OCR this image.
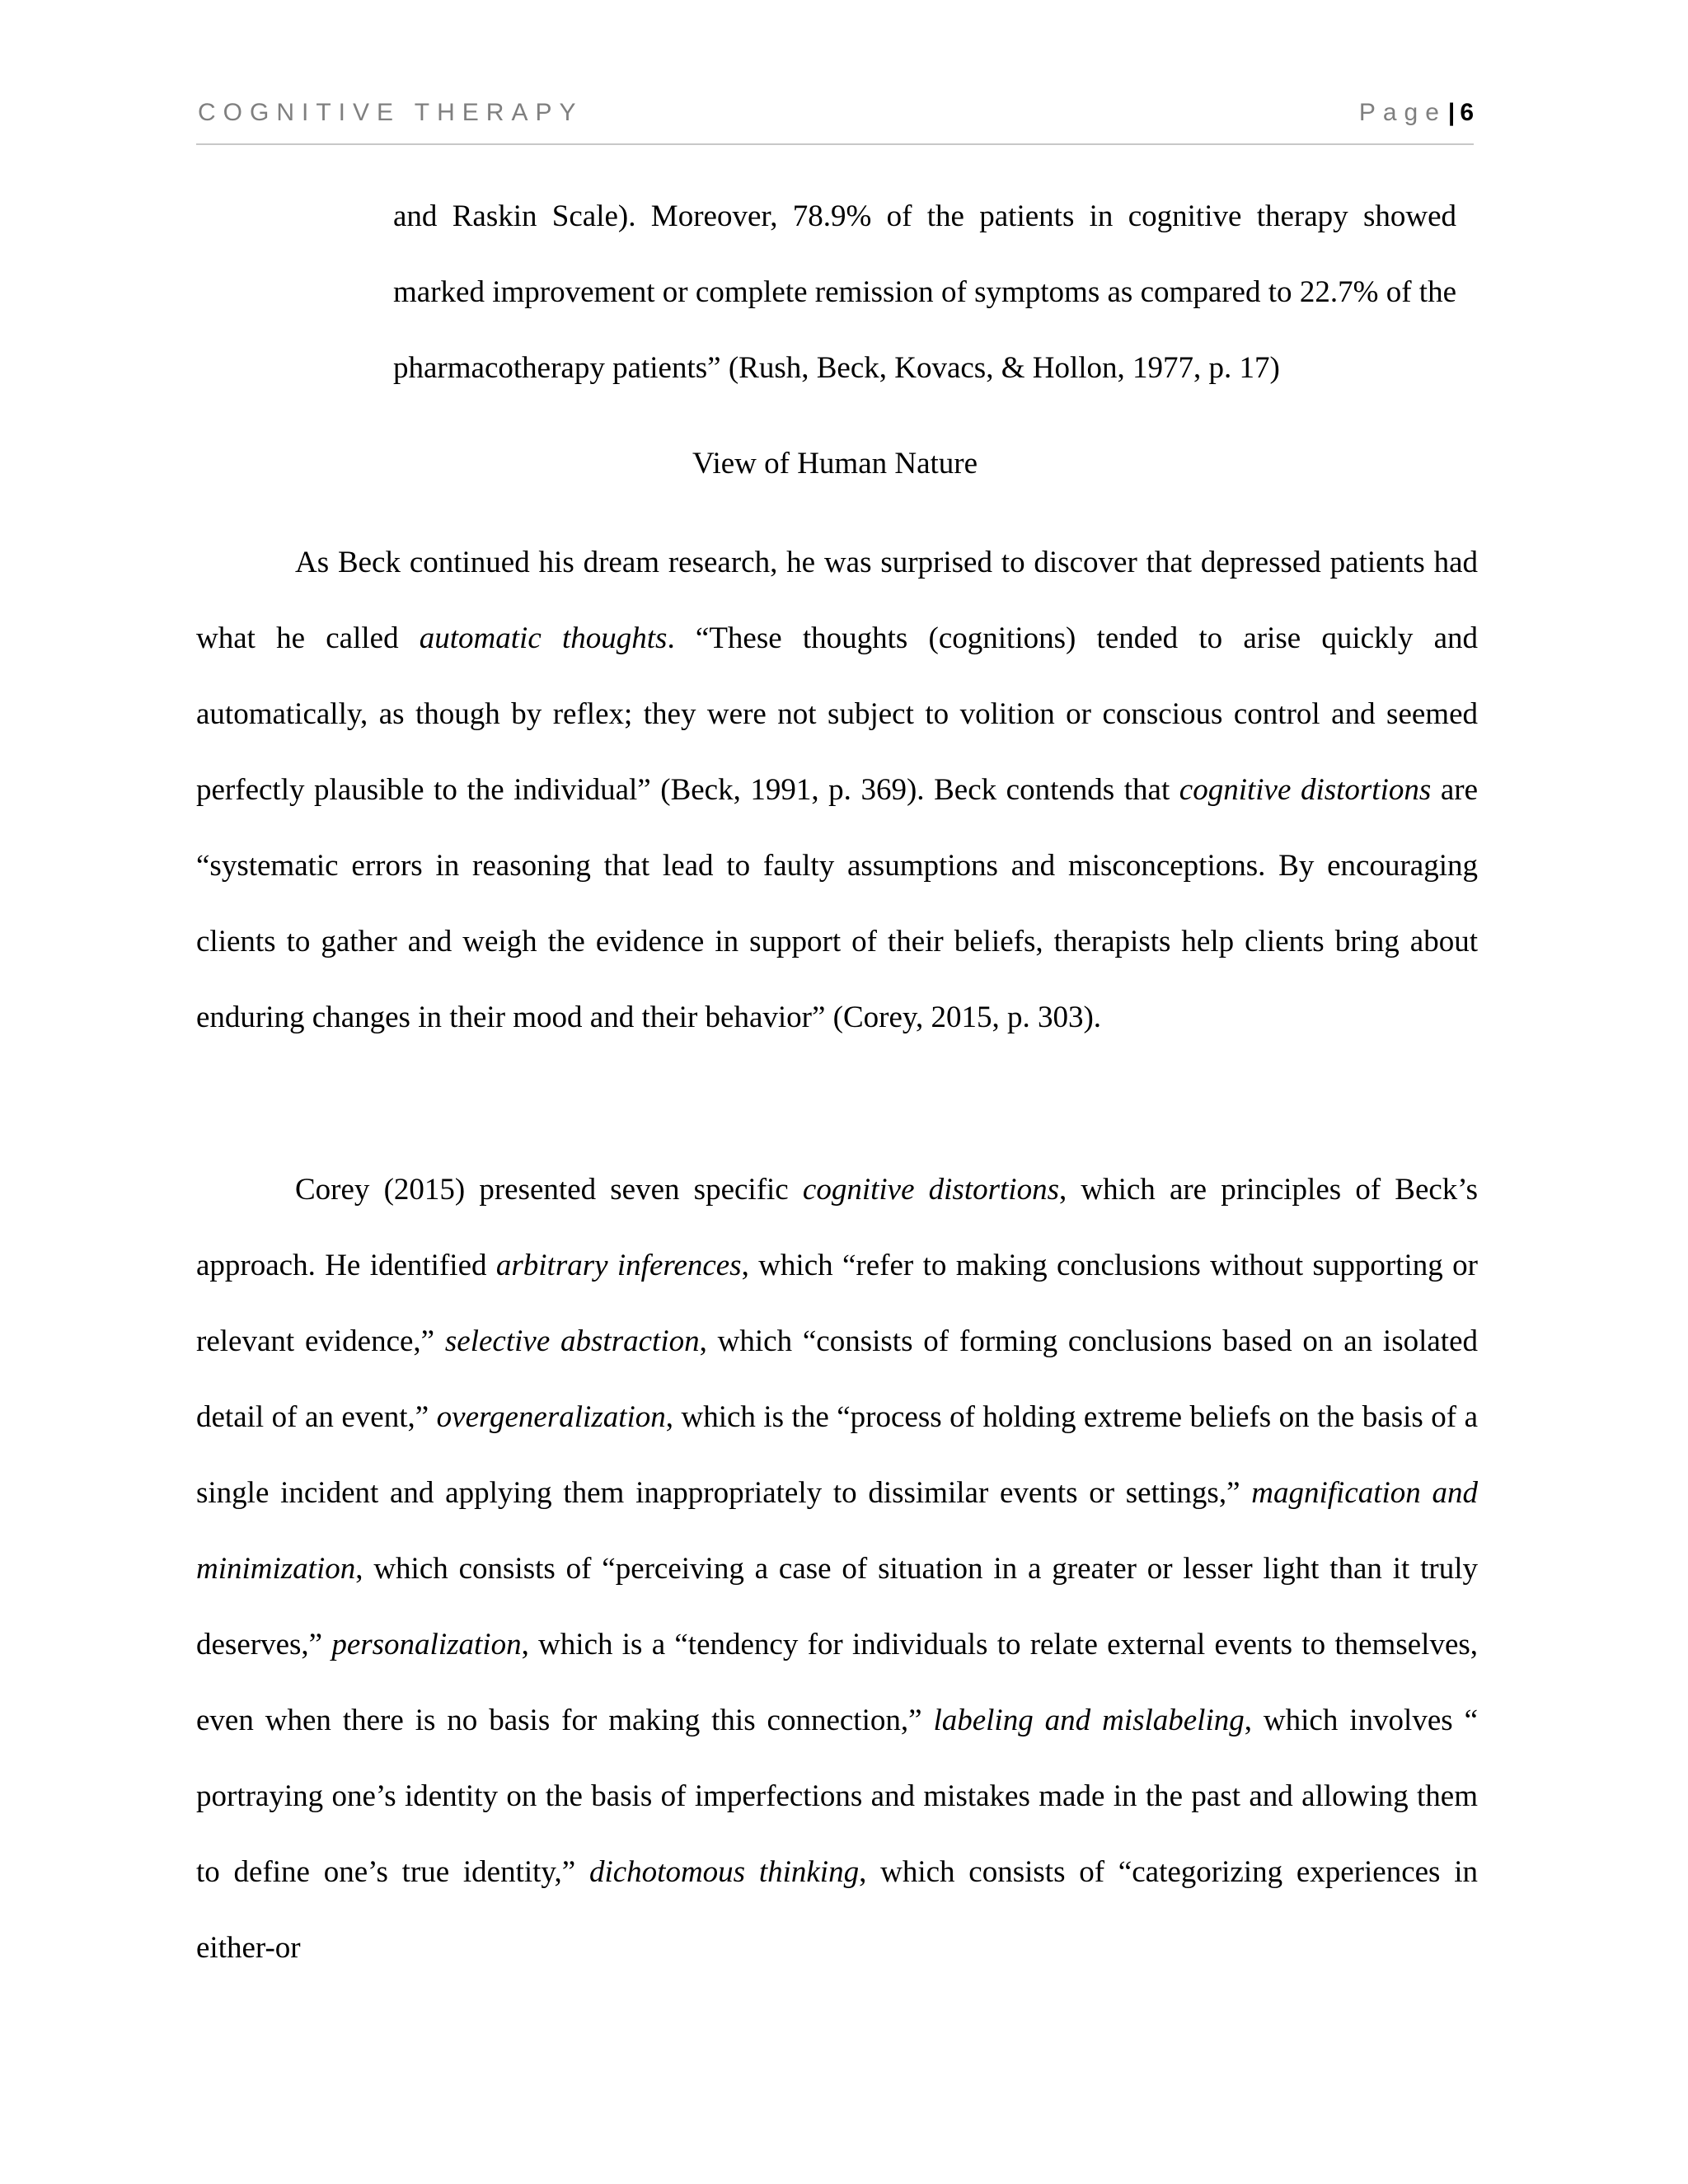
COGNITIVE THERAPY	Page| 6

and Raskin Scale). Moreover, 78.9% of the patients in cognitive therapy showed marked improvement or complete remission of symptoms as compared to 22.7% of the pharmacotherapy patients” (Rush, Beck, Kovacs, & Hollon, 1977, p. 17)

View of Human Nature

As Beck continued his dream research, he was surprised to discover that depressed patients had what he called automatic thoughts. “These thoughts (cognitions) tended to arise quickly and automatically, as though by reflex; they were not subject to volition or conscious control and seemed perfectly plausible to the individual” (Beck, 1991, p. 369). Beck contends that cognitive distortions are “systematic errors in reasoning that lead to faulty assumptions and misconceptions. By encouraging clients to gather and weigh the evidence in support of their beliefs, therapists help clients bring about enduring changes in their mood and their behavior” (Corey, 2015, p. 303).

Corey (2015) presented seven specific cognitive distortions, which are principles of Beck’s approach. He identified arbitrary inferences, which “refer to making conclusions without supporting or relevant evidence,” selective abstraction, which “consists of forming conclusions based on an isolated detail of an event,” overgeneralization, which is the “process of holding extreme beliefs on the basis of a single incident and applying them inappropriately to dissimilar events or settings,” magnification and minimization, which consists of “perceiving a case of situation in a greater or lesser light than it truly deserves,” personalization, which is a “tendency for individuals to relate external events to themselves, even when there is no basis for making this connection,” labeling and mislabeling, which involves “ portraying one’s identity on the basis of imperfections and mistakes made in the past and allowing them to define one’s true identity,” dichotomous thinking, which consists of “categorizing experiences in either-or
